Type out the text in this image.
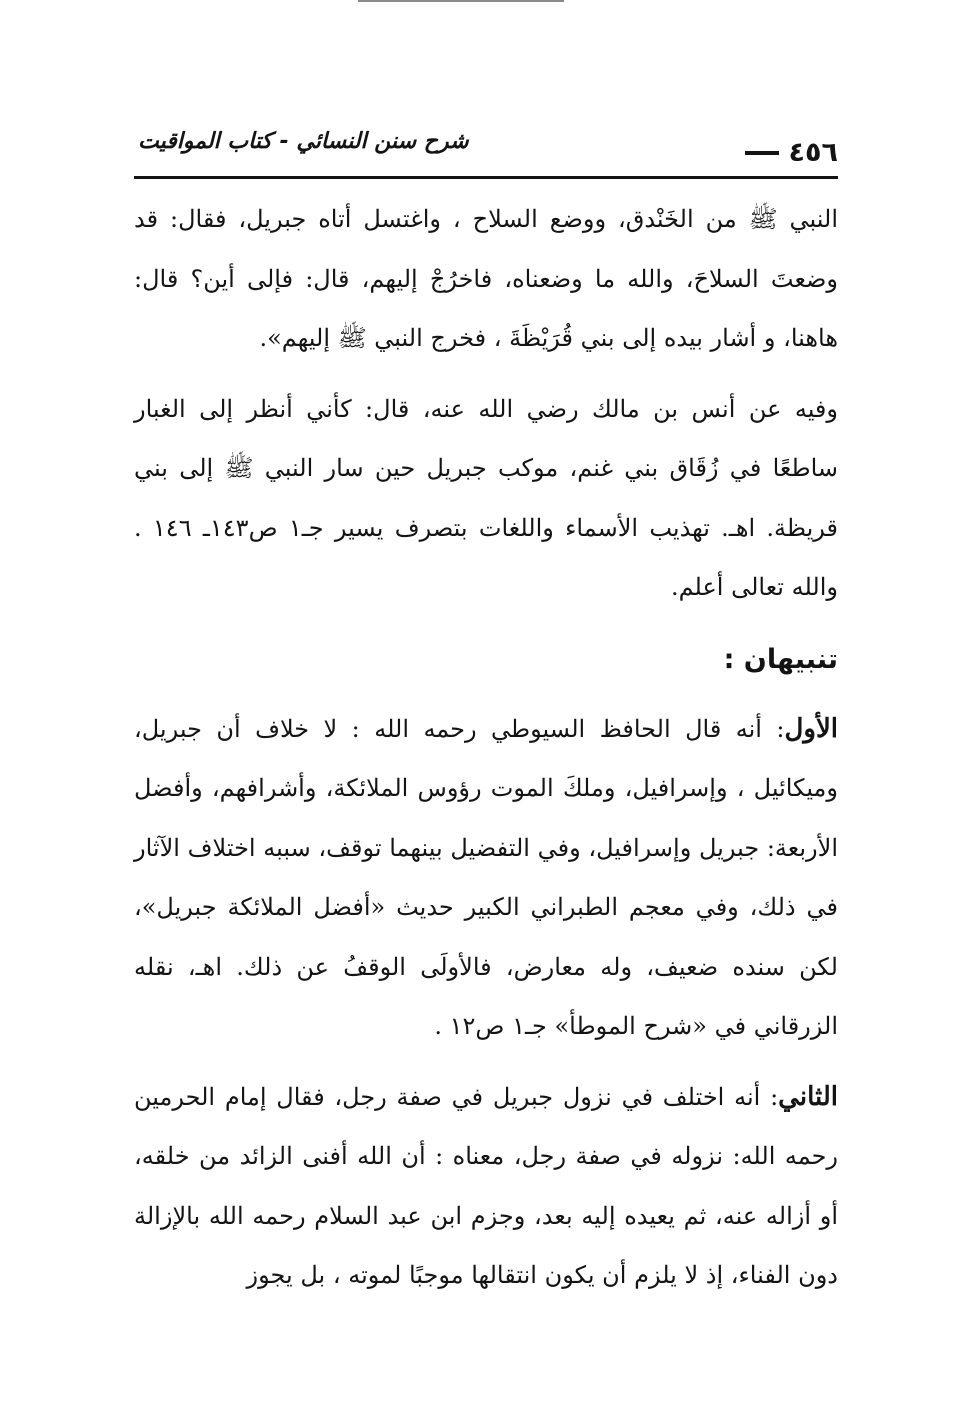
٤٥٦
شرح سنن النسائي - كتاب المواقيت

النبي ﷺ من الخَنْدق، ووضع السلاح ، واغتسل أتاه جبريل، فقال: قد وضعتَ السلاحَ، والله ما وضعناه، فاخرُجْ إليهم، قال: فإلى أين؟ قال: هاهنا، و أشار بيده إلى بني قُرَيْظَةَ ، فخرج النبي ﷺ إليهم».

وفيه عن أنس بن مالك رضي الله عنه، قال: كأني أنظر إلى الغبار ساطعًا في زُقَاق بني غنم، موكب جبريل حين سار النبي ﷺ إلى بني قريظة. اهـ. تهذيب الأسماء واللغات بتصرف يسير جـ١ ص١٤٣ـ ١٤٦ . والله تعالى أعلم.

تنبيهان :

الأول: أنه قال الحافظ السيوطي رحمه الله : لا خلاف أن جبريل، وميكائيل ، وإسرافيل، وملكَ الموت رؤوس الملائكة، وأشرافهم، وأفضل الأربعة: جبريل وإسرافيل، وفي التفضيل بينهما توقف، سببه اختلاف الآثار في ذلك، وفي معجم الطبراني الكبير حديث «أفضل الملائكة جبريل»، لكن سنده ضعيف، وله معارض، فالأولَى الوقفُ عن ذلك. اهـ، نقله الزرقاني في «شرح الموطأ» جـ١ ص١٢ .

الثاني: أنه اختلف في نزول جبريل في صفة رجل، فقال إمام الحرمين رحمه الله: نزوله في صفة رجل، معناه : أن الله أفنى الزائد من خلقه، أو أزاله عنه، ثم يعيده إليه بعد، وجزم ابن عبد السلام رحمه الله بالإزالة دون الفناء، إذ لا يلزم أن يكون انتقالها موجبًا لموته ، بل يجوز
